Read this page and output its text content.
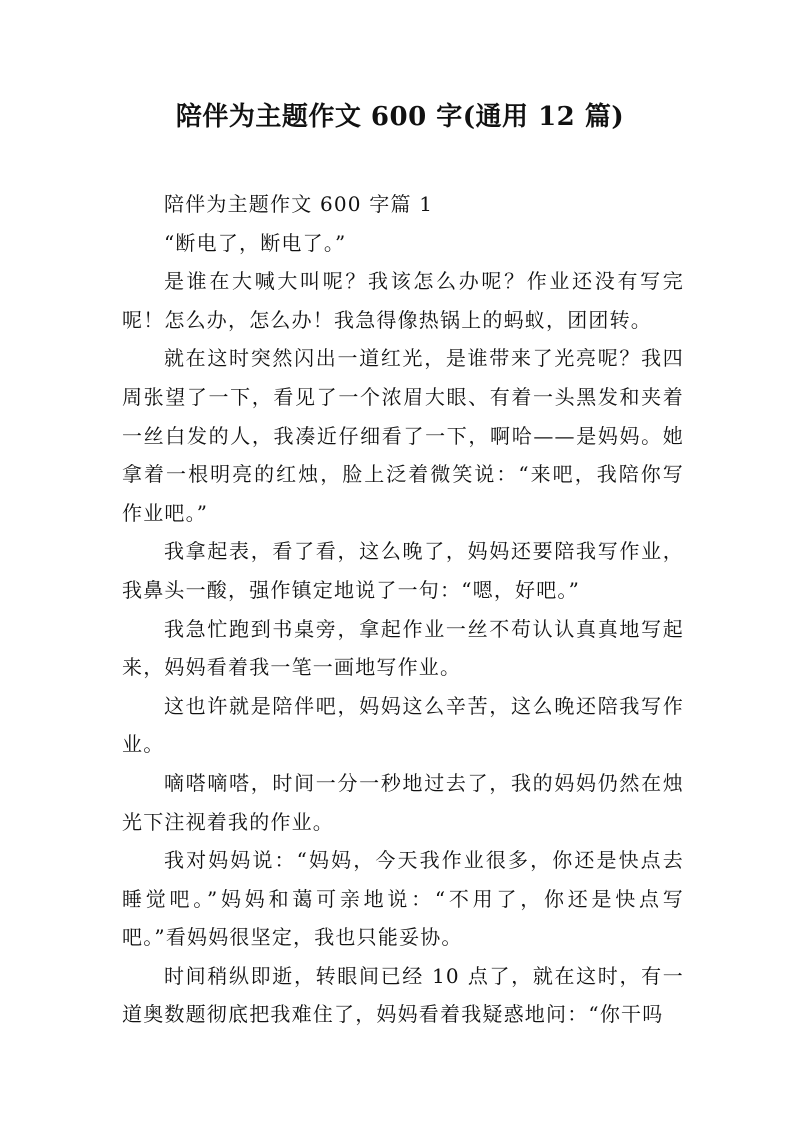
陪伴为主题作文 600 字(通用 12 篇)

陪伴为主题作文 600 字篇 1

“断电了，断电了。”

是谁在大喊大叫呢？我该怎么办呢？作业还没有写完呢！怎么办，怎么办！我急得像热锅上的蚂蚁，团团转。

就在这时突然闪出一道红光，是谁带来了光亮呢？我四周张望了一下，看见了一个浓眉大眼、有着一头黑发和夹着一丝白发的人，我凑近仔细看了一下，啊哈——是妈妈。她拿着一根明亮的红烛，脸上泛着微笑说：“来吧，我陪你写作业吧。”

我拿起表，看了看，这么晚了，妈妈还要陪我写作业，我鼻头一酸，强作镇定地说了一句：“嗯，好吧。”

我急忙跑到书桌旁，拿起作业一丝不苟认认真真地写起来，妈妈看着我一笔一画地写作业。

这也许就是陪伴吧，妈妈这么辛苦，这么晚还陪我写作业。

嘀嗒嘀嗒，时间一分一秒地过去了，我的妈妈仍然在烛光下注视着我的作业。

我对妈妈说：“妈妈，今天我作业很多，你还是快点去睡觉吧。”妈妈和蔼可亲地说：“不用了，你还是快点写吧。”看妈妈很坚定，我也只能妥协。

时间稍纵即逝，转眼间已经 10 点了，就在这时，有一道奥数题彻底把我难住了，妈妈看着我疑惑地问：“你干吗
